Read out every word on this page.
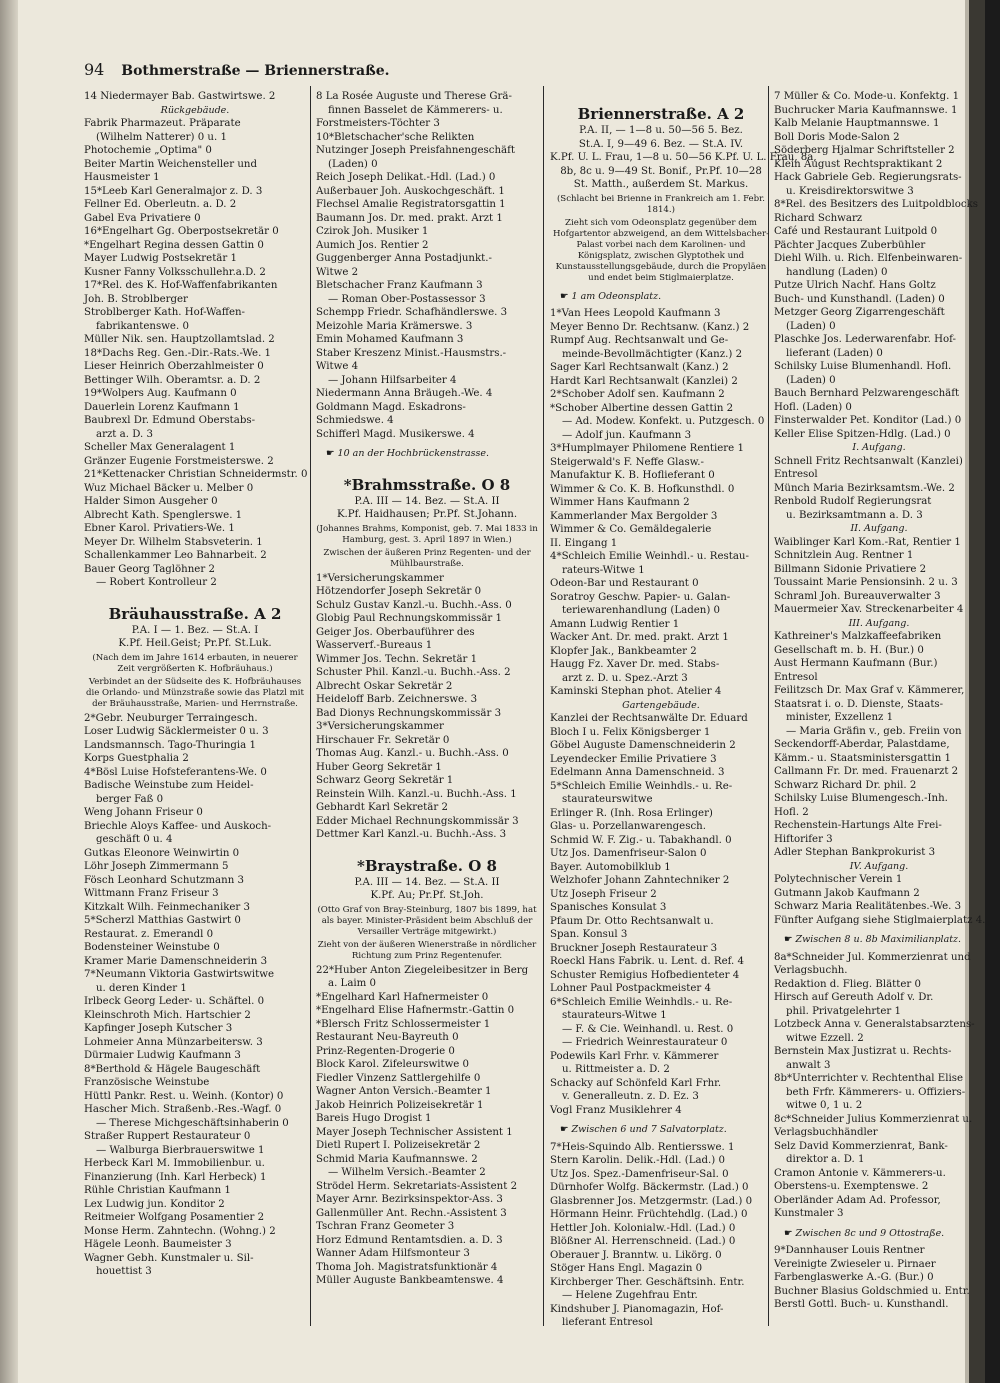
94 Bothmerstraße — Briennerstraße.
14 Niedermayer Bab. Gastwirtswe. 2
Rückgebäude.
Fabrik Pharmazeut. Präparate
(Wilhelm Natterer) 0 u. 1
Photochemie „Optima" 0
Beiter Martin Weichensteller und
Hausmeister 1
15*Leeb Karl Generalmajor z. D. 3
Fellner Ed. Oberleutn. a. D. 2
Gabel Eva Privatiere 0
16*Engelhart Gg. Oberpostsekretär 0
*Engelhart Regina dessen Gattin 0
Mayer Ludwig Postsekretär 1
Kusner Fanny Volksschullehr.a.D. 2
17*Rel. des K. Hof-Waffenfabrikanten
Joh. B. Stroblberger
Stroblberger Kath. Hof-Waffen-
fabrikantenswe. 0
Müller Nik. sen. Hauptzollamtslad. 2
18*Dachs Reg. Gen.-Dir.-Rats.-We. 1
Lieser Heinrich Oberzahlmeister 0
Bettinger Wilh. Oberamtsr. a. D. 2
19*Wolpers Aug. Kaufmann 0
Dauerlein Lorenz Kaufmann 1
Baubrexl Dr. Edmund Oberstabs-
arzt a. D. 3
Scheller Max Generalagent 1
Gränzer Eugenie Forstmeisterswe. 2
21*Kettenacker Christian Schneidermstr. 0
Wuz Michael Bäcker u. Melber 0
Halder Simon Ausgeher 0
Albrecht Kath. Spenglerswe. 1
Ebner Karol. Privatiers-We. 1
Meyer Dr. Wilhelm Stabsveterin. 1
Schallenkammer Leo Bahnarbeit. 2
Bauer Georg Taglöhner 2
— Robert Kontrolleur 2
Bräuhausstraße. A 2
P.A. I — 1. Bez. — St.A. I
K.Pf. Heil.Geist; Pr.Pf. St.Luk.
(Nach dem im Jahre 1614 erbauten, in neuerer Zeit vergrößerten K. Hofbräuhaus.)
Verbindet an der Südseite des K. Hofbräuhauses die Orlando- und Münzstraße sowie das Platzl mit der Bräuhausstraße, Marien- und Herrnstraße.
2*Gebr. Neuburger Terraingesch.
Loser Ludwig Säcklermeister 0 u. 3
Landsmannsch. Tago-Thuringia 1
Korps Guestphalia 2
4*Bösl Luise Hofsteferantens-We. 0
Badische Weinstube zum Heidel-
berger Faß 0
Weng Johann Friseur 0
Briechle Aloys Kaffee- und Auskoch-
geschäft 0 u. 4
Gutkas Eleonore Weinwirtin 0
Löhr Joseph Zimmermann 5
Fösch Leonhard Schutzmann 3
Wittmann Franz Friseur 3
Kitzkalt Wilh. Feinmechaniker 3
5*Scherzl Matthias Gastwirt 0
Restaurat. z. Emerandl 0
Bodensteiner Weinstube 0
Kramer Marie Damenschneiderin 3
7*Neumann Viktoria Gastwirtswitwe
u. deren Kinder 1
Irlbeck Georg Leder- u. Schäftel. 0
Kleinschroth Mich. Hartschier 2
Kapfinger Joseph Kutscher 3
Lohmeier Anna Münzarbeitersw. 3
Dürmaier Ludwig Kaufmann 3
8*Berthold & Hägele Baugeschäft
Französische Weinstube
Hüttl Pankr. Rest. u. Weinh. (Kontor) 0
Hascher Mich. Straßenb.-Res.-Wagf. 0
— Therese Michgeschäftsinhaberin 0
Straßer Ruppert Restaurateur 0
— Walburga Bierbrauerswitwe 1
Herbeck Karl M. Immobilienbur. u.
Finanzierung (Inh. Karl Herbeck) 1
Rühle Christian Kaufmann 1
Lex Ludwig jun. Konditor 2
Reitmeier Wolfgang Posamentier 2
Monse Herm. Zahntechn. (Wohng.) 2
Hägele Leonh. Baumeister 3
Wagner Gebh. Kunstmaler u. Sil-
houettist 3
8 La Rosée Auguste und Therese Grä-
finnen Basselet de Kämmerers- u.
Forstmeisters-Töchter 3
10*Bletschacher'sche Relikten
Nutzinger Joseph Preisfahnengeschäft
(Laden) 0
Reich Joseph Delikat.-Hdl. (Lad.) 0
Außerbauer Joh. Auskochgeschäft. 1
Flechsel Amalie Registratorsgattin 1
Baumann Jos. Dr. med. prakt. Arzt 1
Czirok Joh. Musiker 1
Aumich Jos. Rentier 2
Guggenberger Anna Postadjunkt.-
Witwe 2
Bletschacher Franz Kaufmann 3
— Roman Ober-Postassessor 3
Schempp Friedr. Schafhändlerswe. 3
Meizohle Maria Krämerswe. 3
Emin Mohamed Kaufmann 3
Staber Kreszenz Minist.-Hausmstrs.-
Witwe 4
— Johann Hilfsarbeiter 4
Niedermann Anna Bräugeh.-We. 4
Goldmann Magd. Eskadrons-
Schmiedswe. 4
Schifferl Magd. Musikerswe. 4
☛ 10 an der Hochbrückenstrasse.
*Brahmsstraße. O 8
P.A. III — 14. Bez. — St.A. II
K.Pf. Haidhausen; Pr.Pf. St.Johann.
(Johannes Brahms, Komponist, geb. 7. Mai 1833 in Hamburg, gest. 3. April 1897 in Wien.)
Zwischen der äußeren Prinz Regenten- und der Mühlbaurstraße.
1*Versicherungskammer
Hötzendorfer Joseph Sekretär 0
Schulz Gustav Kanzl.-u. Buchh.-Ass. 0
Globig Paul Rechnungskommissär 1
Geiger Jos. Oberbauführer des
Wasserverf.-Bureaus 1
Wimmer Jos. Techn. Sekretär 1
Schuster Phil. Kanzl.-u. Buchh.-Ass. 2
Albrecht Oskar Sekretär 2
Heideloff Barb. Zeichnerswe. 3
Bad Dionys Rechnungskommissär 3
3*Versicherungskammer
Hirschauer Fr. Sekretär 0
Thomas Aug. Kanzl.- u. Buchh.-Ass. 0
Huber Georg Sekretär 1
Schwarz Georg Sekretär 1
Reinstein Wilh. Kanzl.-u. Buchh.-Ass. 1
Gebhardt Karl Sekretär 2
Edder Michael Rechnungskommissär 3
Dettmer Karl Kanzl.-u. Buchh.-Ass. 3
*Braystraße. O 8
P.A. III — 14. Bez. — St.A. II
K.Pf. Au; Pr.Pf. St.Joh.
(Otto Graf von Bray-Steinburg, 1807 bis 1899, hat als bayer. Minister-Präsident beim Abschluß der Versailler Verträge mitgewirkt.)
Zieht von der äußeren Wienerstraße in nördlicher Richtung zum Prinz Regentenufer.
22*Huber Anton Ziegeleibesitzer in Berg
a. Laim 0
*Engelhard Karl Hafnermeister 0
*Engelhard Elise Hafnermstr.-Gattin 0
*Blersch Fritz Schlossermeister 1
Restaurant Neu-Bayreuth 0
Prinz-Regenten-Drogerie 0
Block Karol. Zifeleurswitwe 0
Fiedler Vinzenz Sattlergehilfe 0
Wagner Anton Versich.-Beamter 1
Jakob Heinrich Polizeisekretär 1
Bareis Hugo Drogist 1
Mayer Joseph Technischer Assistent 1
Dietl Rupert I. Polizeisekretär 2
Schmid Maria Kaufmannswe. 2
— Wilhelm Versich.-Beamter 2
Strödel Herm. Sekretariats-Assistent 2
Mayer Arnr. Bezirksinspektor-Ass. 3
Gallenmüller Ant. Rechn.-Assistent 3
Tschran Franz Geometer 3
Horz Edmund Rentamtsdien. a. D. 3
Wanner Adam Hilfsmonteur 3
Thoma Joh. Magistratsfunktionär 4
Müller Auguste Bankbeamtenswe. 4
Briennerstraße. A 2
P.A. II, — 1—8 u. 50—56 5. Bez.
St.A. I, 9—49 6. Bez. — St.A. IV.
K.Pf. U. L. Frau, 1—8 u. 50—56 K.Pf. U. L. Frau, 8a,
8b, 8c u. 9—49 St. Bonif., Pr.Pf. 10—28
St. Matth., außerdem St. Markus.
(Schlacht bei Brienne in Frankreich am 1. Febr. 1814.)
Zieht sich vom Odeonsplatz gegenüber dem Hofgartentor abzweigend, an dem Wittelsbacher-Palast vorbei nach dem Karolinen- und Königsplatz, zwischen Glyptothek und Kunstausstellungsgebäude, durch die Propyläen und endet beim Stiglmaierplatze.
☛ 1 am Odeonsplatz.
1*Van Hees Leopold Kaufmann 3
Meyer Benno Dr. Rechtsanw. (Kanz.) 2
Rumpf Aug. Rechtsanwalt und Ge-
meinde-Bevollmächtigter (Kanz.) 2
Sager Karl Rechtsanwalt (Kanz.) 2
Hardt Karl Rechtsanwalt (Kanzlei) 2
2*Schober Adolf sen. Kaufmann 2
*Schober Albertine dessen Gattin 2
— Ad. Modew. Konfekt. u. Putzgesch. 0
— Adolf jun. Kaufmann 3
3*Humplmayer Philomene Rentiere 1
Steigerwald's F. Neffe Glasw.-
Manufaktur K. B. Hoflieferant 0
Wimmer & Co. K. B. Hofkunsthdl. 0
Wimmer Hans Kaufmann 2
Kammerlander Max Bergolder 3
Wimmer & Co. Gemäldegalerie
II. Eingang 1
4*Schleich Emilie Weinhdl.- u. Restau-
rateurs-Witwe 1
Odeon-Bar und Restaurant 0
Soratroy Geschw. Papier- u. Galan-
teriewarenhandlung (Laden) 0
Amann Ludwig Rentier 1
Wacker Ant. Dr. med. prakt. Arzt 1
Klopfer Jak., Bankbeamter 2
Haugg Fz. Xaver Dr. med. Stabs-
arzt z. D. u. Spez.-Arzt 3
Kaminski Stephan phot. Atelier 4
Gartengebäude.
Kanzlei der Rechtsanwälte Dr. Eduard
Bloch I u. Felix Königsberger 1
Göbel Auguste Damenschneiderin 2
Leyendecker Emilie Privatiere 3
Edelmann Anna Damenschneid. 3
5*Schleich Emilie Weinhdls.- u. Re-
staurateurswitwe
Erlinger R. (Inh. Rosa Erlinger)
Glas- u. Porzellanwarengesch.
Schmid W. F. Zig.- u. Tabakhandl. 0
Utz Jos. Damenfriseur-Salon 0
Bayer. Automobilklub 1
Welzhofer Johann Zahntechniker 2
Utz Joseph Friseur 2
Spanisches Konsulat 3
Pfaum Dr. Otto Rechtsanwalt u.
Span. Konsul 3
Bruckner Joseph Restaurateur 3
Roeckl Hans Fabrik. u. Lent. d. Ref. 4
Schuster Remigius Hofbedienteter 4
Lohner Paul Postpackmeister 4
6*Schleich Emilie Weinhdls.- u. Re-
staurateurs-Witwe 1
— F. & Cie. Weinhandl. u. Rest. 0
— Friedrich Weinrestaurateur 0
Podewils Karl Frhr. v. Kämmerer
u. Rittmeister a. D. 2
Schacky auf Schönfeld Karl Frhr.
v. Generalleutn. z. D. Ez. 3
Vogl Franz Musiklehrer 4
☛ Zwischen 6 und 7 Salvatorplatz.
7*Heis-Squindo Alb. Rentiersswe. 1
Stern Karolin. Delik.-Hdl. (Lad.) 0
Utz Jos. Spez.-Damenfriseur-Sal. 0
Dürnhofer Wolfg. Bäckermstr. (Lad.) 0
Glasbrenner Jos. Metzgermstr. (Lad.) 0
Hörmann Heinr. Früchtehdlg. (Lad.) 0
Hettler Joh. Kolonialw.-Hdl. (Lad.) 0
Blößner Al. Herrenschneid. (Lad.) 0
Oberauer J. Branntw. u. Likörg. 0
Stöger Hans Engl. Magazin 0
Kirchberger Ther. Geschäftsinh. Entr.
— Helene Zugehfrau Entr.
Kindshuber J. Pianomagazin, Hof-
lieferant Entresol
7 Müller & Co. Mode-u. Konfektg. 1
Buchrucker Maria Kaufmannswe. 1
Kalb Melanie Hauptmannswe. 1
Boll Doris Mode-Salon 2
Söderberg Hjalmar Schriftsteller 2
Klein August Rechtspraktikant 2
Hack Gabriele Geb. Regierungsrats-
u. Kreisdirektorswitwe 3
8*Rel. des Besitzers des Luitpoldblocks
Richard Schwarz
Café und Restaurant Luitpold 0
Pächter Jacques Zuberbühler
Diehl Wilh. u. Rich. Elfenbeinwaren-
handlung (Laden) 0
Putze Ulrich Nachf. Hans Goltz
Buch- und Kunsthandl. (Laden) 0
Metzger Georg Zigarrengeschäft
(Laden) 0
Plaschke Jos. Lederwarenfabr. Hof-
lieferant (Laden) 0
Schilsky Luise Blumenhandl. Hofl.
(Laden) 0
Bauch Bernhard Pelzwarengeschäft
Hofl. (Laden) 0
Finsterwalder Pet. Konditor (Lad.) 0
Keller Elise Spitzen-Hdlg. (Lad.) 0
I. Aufgang.
Schnell Fritz Rechtsanwalt (Kanzlei)
Entresol
Münch Maria Bezirksamtsm.-We. 2
Renbold Rudolf Regierungsrat
u. Bezirksamtmann a. D. 3
II. Aufgang.
Waiblinger Karl Kom.-Rat, Rentier 1
Schnitzlein Aug. Rentner 1
Billmann Sidonie Privatiere 2
Toussaint Marie Pensionsinh. 2 u. 3
Schraml Joh. Bureauverwalter 3
Mauermeier Xav. Streckenarbeiter 4
III. Aufgang.
Kathreiner's Malzkaffeefabriken
Gesellschaft m. b. H. (Bur.) 0
Aust Hermann Kaufmann (Bur.)
Entresol
Feilitzsch Dr. Max Graf v. Kämmerer,
Staatsrat i. o. D. Dienste, Staats-
minister, Exzellenz 1
— Maria Gräfin v., geb. Freiin von
Seckendorff-Aberdar, Palastdame,
Kämm.- u. Staatsministersgattin 1
Callmann Fr. Dr. med. Frauenarzt 2
Schwarz Richard Dr. phil. 2
Schilsky Luise Blumengesch.-Inh.
Hofl. 2
Rechenstein-Hartungs Alte Frei-
Hiftorifer 3
Adler Stephan Bankprokurist 3
IV. Aufgang.
Polytechnischer Verein 1
Gutmann Jakob Kaufmann 2
Schwarz Maria Realitätenbes.-We. 3
Fünfter Aufgang siehe Stiglmaierplatz 4.
☛ Zwischen 8 u. 8b Maximilianplatz.
8a*Schneider Jul. Kommerzienrat und
Verlagsbuchh.
Redaktion d. Flieg. Blätter 0
Hirsch auf Gereuth Adolf v. Dr.
phil. Privatgelehrter 1
Lotzbeck Anna v. Generalstabsarztens-
witwe Ezzell. 2
Bernstein Max Justizrat u. Rechts-
anwalt 3
8b*Unterrichter v. Rechtenthal Elise
beth Frfr. Kämmerers- u. Offiziers-
witwe 0, 1 u. 2
8c*Schneider Julius Kommerzienrat u.
Verlagsbuchhändler
Selz David Kommerzienrat, Bank-
direktor a. D. 1
Cramon Antonie v. Kämmerers-u.
Oberstens-u. Exemptenswe. 2
Oberländer Adam Ad. Professor,
Kunstmaler 3
☛ Zwischen 8c und 9 Ottostraße.
9*Dannhauser Louis Rentner
Vereinigte Zwieseler u. Pirnaer
Farbenglaswerke A.-G. (Bur.) 0
Buchner Blasius Goldschmied u. Entr.
Berstl Gottl. Buch- u. Kunsthandl.
